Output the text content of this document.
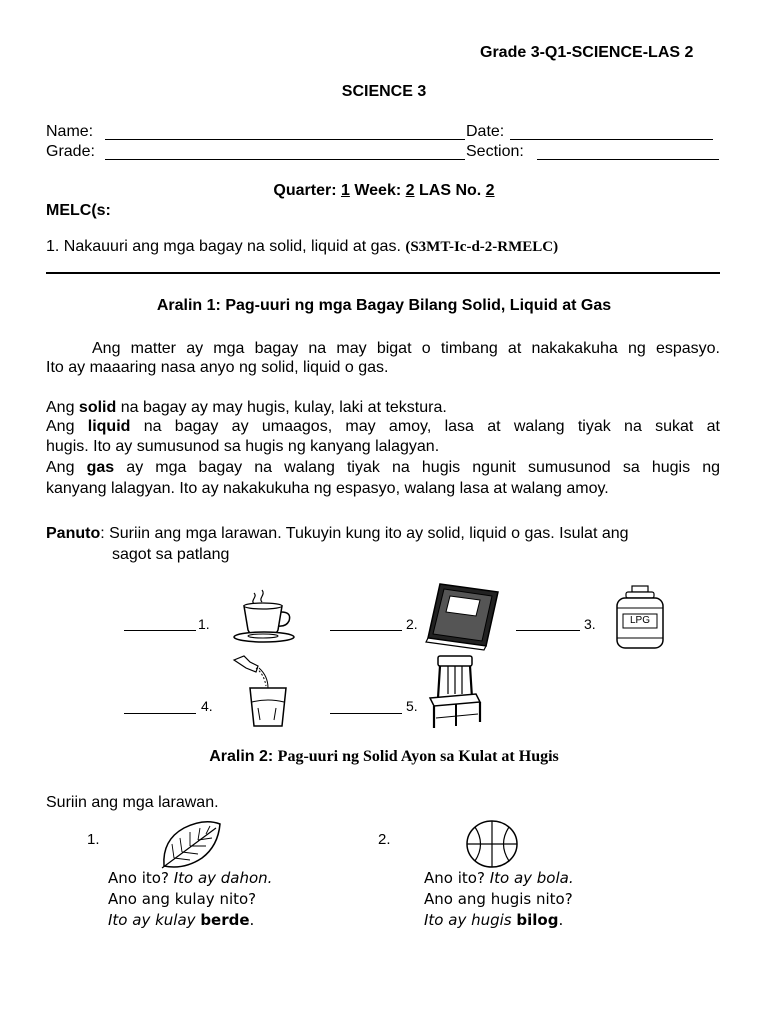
Grade 3-Q1-SCIENCE-LAS 2
SCIENCE 3
Name:	Date:
Grade:	Section:
Quarter: 1 Week: 2 LAS No. 2
MELC(s:
1. Nakauuri ang mga bagay na solid, liquid at gas. (S3MT-Ic-d-2-RMELC)
Aralin 1: Pag-uuri ng mga Bagay Bilang Solid, Liquid at Gas
Ang matter ay mga bagay na may bigat o timbang at nakakakuha ng espasyo.
Ito ay maaaring nasa anyo ng solid, liquid o gas.
Ang solid na bagay ay may hugis, kulay, laki at tekstura.
Ang liquid na bagay ay umaagos, may amoy, lasa at walang tiyak na sukat at
hugis. Ito ay sumusunod sa hugis ng kanyang lalagyan.
Ang gas ay mga bagay na walang tiyak na hugis ngunit sumusunod sa hugis ng
kanyang lalagyan. Ito ay nakakukuha ng espasyo, walang lasa at walang amoy.
Panuto: Suriin ang mga larawan. Tukuyin kung ito ay solid, liquid o gas. Isulat ang
sagot sa patlang
1.	2.	3.	LPG
4.	5.
Aralin 2: Pag-uuri ng Solid Ayon sa Kulat at Hugis
Suriin ang mga larawan.
1.
Ano ito? Ito ay dahon.
Ano ang kulay nito?
Ito ay kulay berde.
2.
Ano ito? Ito ay bola.
Ano ang hugis nito?
Ito ay hugis bilog.
